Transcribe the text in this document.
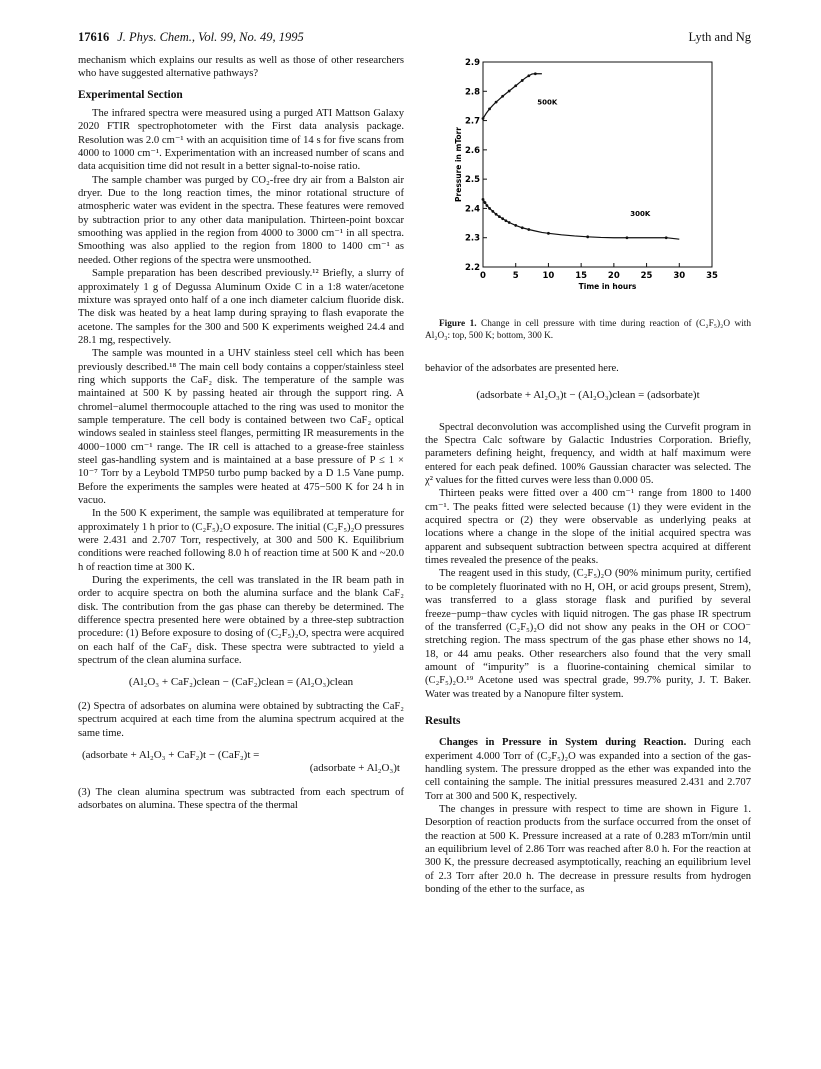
17616 J. Phys. Chem., Vol. 99, No. 49, 1995	Lyth and Ng

mechanism which explains our results as well as those of other researchers who have suggested alternative pathways?

Experimental Section

The infrared spectra were measured using a purged ATI Mattson Galaxy 2020 FTIR spectrophotometer with the First data analysis package. Resolution was 2.0 cm⁻¹ with an acquisition time of 14 s for five scans from 4000 to 1000 cm⁻¹. Experimentation with an increased number of scans and data acquisition time did not result in a better signal-to-noise ratio.

The sample chamber was purged by CO₂-free dry air from a Balston air dryer. Due to the long reaction times, the minor rotational structure of atmospheric water was evident in the spectra. These features were removed by subtraction prior to any other data manipulation. Thirteen-point boxcar smoothing was applied in the region from 4000 to 3000 cm⁻¹ in all spectra. Smoothing was also applied to the region from 1800 to 1400 cm⁻¹ as needed. Other regions of the spectra were unsmoothed.

Sample preparation has been described previously.¹² Briefly, a slurry of approximately 1 g of Degussa Aluminum Oxide C in a 1:8 water/acetone mixture was sprayed onto half of a one inch diameter calcium fluoride disk. The disk was heated by a heat lamp during spraying to flash evaporate the acetone. The samples for the 300 and 500 K experiments weighed 24.4 and 28.1 mg, respectively.

The sample was mounted in a UHV stainless steel cell which has been previously described.¹⁸ The main cell body contains a copper/stainless steel ring which supports the CaF₂ disk. The temperature of the sample was maintained at 500 K by passing heated air through the support ring. A chromel−alumel thermocouple attached to the ring was used to monitor the sample temperature. The cell body is contained between two CaF₂ optical windows sealed in stainless steel flanges, permitting IR measurements in the 4000−1000 cm⁻¹ range. The IR cell is attached to a grease-free stainless steel gas-handling system and is maintained at a base pressure of P ≤ 1 × 10⁻⁷ Torr by a Leybold TMP50 turbo pump backed by a D 1.5 Vane pump. Before the experiments the samples were heated at 475−500 K for 24 h in vacuo.

In the 500 K experiment, the sample was equilibrated at temperature for approximately 1 h prior to (C₂F₅)₂O exposure. The initial (C₂F₅)₂O pressures were 2.431 and 2.707 Torr, respectively, at 300 and 500 K. Equilibrium conditions were reached following 8.0 h of reaction time at 500 K and ~20.0 h of reaction time at 300 K.

During the experiments, the cell was translated in the IR beam path in order to acquire spectra on both the alumina surface and the blank CaF₂ disk. The contribution from the gas phase can thereby be determined. The difference spectra presented here were obtained by a three-step subtraction procedure: (1) Before exposure to dosing of (C₂F₅)₂O, spectra were acquired on each half of the CaF₂ disk. These spectra were subtracted to yield a spectrum of the clean alumina surface.

(Al₂O₃ + CaF₂)clean − (CaF₂)clean = (Al₂O₃)clean

(2) Spectra of adsorbates on alumina were obtained by subtracting the CaF₂ spectrum acquired at each time from the alumina spectrum acquired at the same time.

(adsorbate + Al₂O₃ + CaF₂)t − (CaF₂)t =
(adsorbate + Al₂O₃)t

(3) The clean alumina spectrum was subtracted from each spectrum of adsorbates on alumina. These spectra of the thermal

0	5	10 15 20 25 30 35
2.2
2.3
2.4
2.5
2.6
2.7
2.8
2.9
Time in hours
Pressure in mTorr
500K
300K

Figure 1. Change in cell pressure with time during reaction of (C₂F₅)₂O with Al₂O₃: top, 500 K; bottom, 300 K.

behavior of the adsorbates are presented here.

(adsorbate + Al₂O₃)t − (Al₂O₃)clean = (adsorbate)t

Spectral deconvolution was accomplished using the Curvefit program in the Spectra Calc software by Galactic Industries Corporation. Briefly, parameters defining height, frequency, and width at half maximum were entered for each peak defined. 100% Gaussian character was selected. The χ² values for the fitted curves were less than 0.000 05.

Thirteen peaks were fitted over a 400 cm⁻¹ range from 1800 to 1400 cm⁻¹. The peaks fitted were selected because (1) they were evident in the acquired spectra or (2) they were observable as underlying peaks at locations where a change in the slope of the initial acquired spectra was apparent and subsequent subtraction between spectra acquired at different times revealed the presence of the peaks.

The reagent used in this study, (C₂F₅)₂O (90% minimum purity, certified to be completely fluorinated with no H, OH, or acid groups present, Strem), was transferred to a glass storage flask and purified by several freeze−pump−thaw cycles with liquid nitrogen. The gas phase IR spectrum of the transferred (C₂F₅)₂O did not show any peaks in the OH or COO⁻ stretching region. The mass spectrum of the gas phase ether shows no 14, 18, or 44 amu peaks. Other researchers also found that the very small amount of “impurity” is a fluorine-containing chemical similar to (C₂F₅)₂O.¹⁹ Acetone used was spectral grade, 99.7% purity, J. T. Baker. Water was treated by a Nanopure filter system.

Results

Changes in Pressure in System during Reaction. During each experiment 4.000 Torr of (C₂F₅)₂O was expanded into a section of the gas-handling system. The pressure dropped as the ether was expanded into the cell containing the sample. The initial pressures measured 2.431 and 2.707 Torr at 300 and 500 K, respectively.

The changes in pressure with respect to time are shown in Figure 1. Desorption of reaction products from the surface occurred from the onset of the reaction at 500 K. Pressure increased at a rate of 0.283 mTorr/min until an equilibrium level of 2.86 Torr was reached after 8.0 h. For the reaction at 300 K, the pressure decreased asymptotically, reaching an equilibrium level of 2.3 Torr after 20.0 h. The decrease in pressure results from hydrogen bonding of the ether to the surface, as
